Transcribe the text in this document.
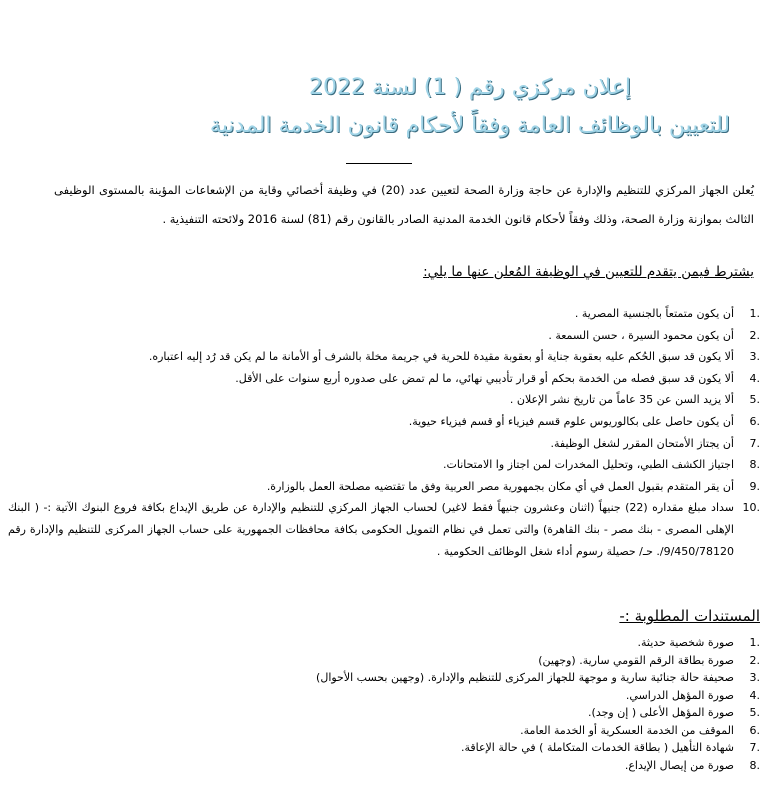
إعلان مركزي رقم ( 1) لسنة 2022
للتعيين بالوظائف العامة وفقاً لأحكام قانون الخدمة المدنية
يُعلن الجهاز المركزي للتنظيم والإدارة عن حاجة وزارة الصحة لتعيين عدد (20) في وظيفة أخصائي وقاية من الإشعاعات المؤينة بالمستوى الوظيفى الثالث بموازنة وزارة الصحة، وذلك وفقاً لأحكام قانون الخدمة المدنية الصادر بالقانون رقم (81) لسنة 2016 ولائحته التنفيذية .
يشترط فيمن يتقدم للتعيين في الوظيفة المُعلن عنها ما يلي:
1.
أن يكون متمتعاً بالجنسية المصرية .
2.
أن يكون محمود السيرة ، حسن السمعة .
3.
ألا يكون قد سبق الحُكم عليه بعقوبة جناية أو بعقوبة مقيدة للحرية في جريمة مخلة بالشرف أو الأمانة ما لم يكن قد رُد إليه اعتباره.
4.
ألا يكون قد سبق فصله من الخدمة بحكم أو قرار تأديبي نهائي، ما لم تمض على صدوره أربع سنوات على الأقل.
5.
ألا يزيد السن عن 35 عاماً من تاريخ نشر الإعلان .
6.
أن يكون حاصل على بكالوريوس علوم قسم فيزياء أو قسم فيزياء حيوية.
7.
أن يجتاز الأمتحان المقرر لشغل الوظيفة.
8.
اجتياز الكشف الطبي، وتحليل المخدرات لمن اجتاز وا الامتحانات.
9.
أن يقر المتقدم بقبول العمل في أي مكان بجمهورية مصر العربية وفق ما تقتضيه مصلحة العمل بالوزارة.
10.
سداد مبلغ مقداره (22) جنيهاً (اثنان وعشرون جنيهاً فقط لاغير) لحساب الجهاز المركزي للتنظيم والإدارة عن طريق الإيداع بكافة فروع البنوك الآتية :- ( البنك الإهلى المصرى - بنك مصر - بنك القاهرة) والتى تعمل في نظام التمويل الحكومى بكافة محافظات الجمهورية على حساب الجهاز المركزى للتنظيم والإدارة رقم 9/450/78120/. حـ/ حصيلة رسوم أداء شغل الوظائف الحكومية .
المستندات المطلوبة :-
1.
صورة شخصية حديثة.
2.
صورة بطاقة الرقم القومي سارية. (وجهين)
3.
صحيفة حالة جنائية سارية و موجهة للجهاز المركزى للتنظيم والإدارة. (وجهين بحسب الأحوال)
4.
صورة المؤهل الدراسي.
5.
صورة المؤهل الأعلى ( إن وجد).
6.
الموقف من الخدمة العسكرية أو الخدمة العامة.
7.
شهادة التأهيل ( بطاقة الخدمات المتكاملة ) في حالة الإعاقة.
8.
صورة من إيصال الإيداع.
